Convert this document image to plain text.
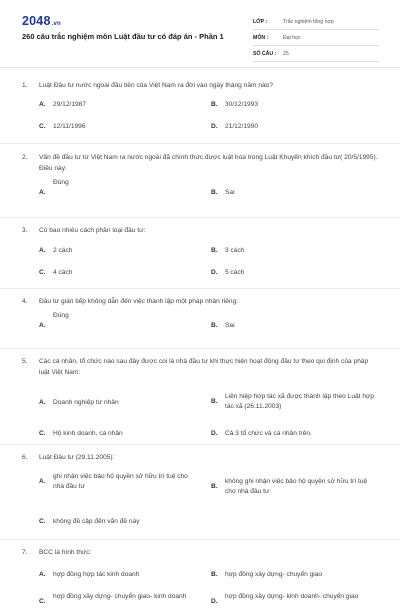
2048.vn
260 câu trắc nghiệm môn Luật đầu tư có đáp án - Phần 1
LỚP :	Trắc nghiệm tổng hợp
MÔN :	Đại học
SỐ CÂU :	25
1.	Luật Đầu tư nước ngoài đầu tiên của Việt Nam ra đời vào ngày tháng năm nào?
A.	29/12/1987	B.	30/12/1993
C.	12/11/1996	D.	21/12/1990
2.	Vấn đề đầu tư từ Việt Nam ra nước ngoài đã chính thức được luật hóa trong Luật Khuyến khích đầu tư( 20/5/1995). Điều này:
A.
Đúng
B.	Sai
3.	Có bao nhiêu cách phân loại đầu tư:
A.	2 cách	B.	3 cách
C.	4 cách	D.	5 cách
4.	Đầu tư gián tiếp không dẫn đến việc thành lập một pháp nhân riêng:
A.
Đúng
B.	Sai
5.	Các cá nhân, tổ chức nào sau đây được coi là nhà đầu tư khi thực hiện hoạt động đầu tư theo qui định của pháp luật Việt Nam:
A.	Doanh nghiệp tư nhân	B.
Liên hiệp hợp tác xã được thành lập theo Luật hợp tác xã (26.11.2003)
C.	Hộ kinh doanh, cá nhân	D.	Cả 3 tổ chức và cá nhân trên.
6.	Luật Đầu tư (29.11.2005):
A.
ghi nhận việc bảo hộ quyền sở hữu trí tuệ cho nhà đầu tư	B.
không ghi nhận việc bảo hộ quyền sở hữu trí tuệ cho nhà đầu tư
C.	không đề cập đến vấn đề này
7.	BCC là hình thức:
A.	hợp đồng hợp tác kinh doanh	B.	hợp đồng xây dựng- chuyển giao
C.
hợp đồng xây dựng- chuyển giao- kinh doanh
D.
hợp đồng xây dựng- kinh doanh- chuyển giao
